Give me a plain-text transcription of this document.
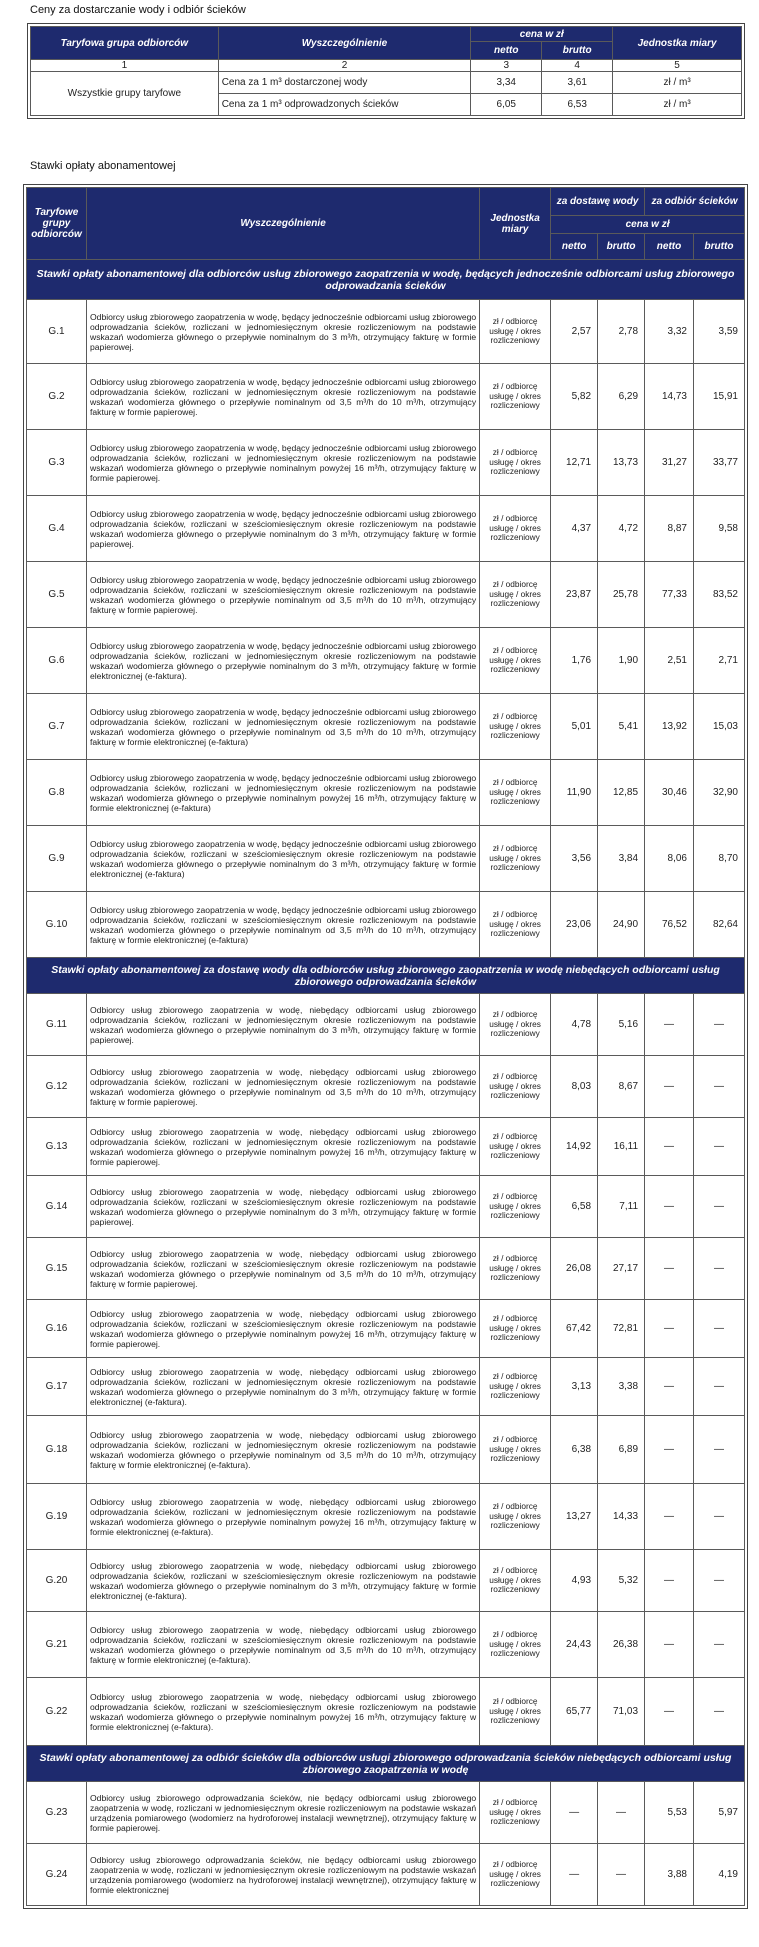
Ceny za dostarczanie wody i odbiór ścieków
Taryfowa grupa odbiorców	Wyszczególnienie	cena w zł		Jednostka miary
		netto	brutto	
1	2	3	4	5
Wszystkie grupy taryfowe	Cena za 1 m³ dostarczonej wody	3,34	3,61	zł / m³
	Cena za 1 m³ odprowadzonych ścieków	6,05	6,53	zł / m³
Stawki opłaty abonamentowej
Taryfowe grupy odbiorców	Wyszczególnienie	Jednostka miary	za dostawę wody		za odbiór ścieków	
			cena w zł			
			netto	brutto	netto	brutto
Stawki opłaty abonamentowej dla odbiorców usług zbiorowego zaopatrzenia w wodę, będących jednocześnie odbiorcami usług zbiorowego odprowadzania ścieków						
G.1	Odbiorcy usług zbiorowego zaopatrzenia w wodę, będący jednocześnie odbiorcami usług zbiorowego odprowadzania ścieków, rozliczani w jednomiesięcznym okresie rozliczeniowym na podstawie wskazań wodomierza głównego o przepływie nominalnym do 3 m³/h, otrzymujący fakturę w formie papierowej.	zł / odbiorcę usługę / okres rozliczeniowy	2,57	2,78	3,32	3,59
G.2	Odbiorcy usług zbiorowego zaopatrzenia w wodę, będący jednocześnie odbiorcami usług zbiorowego odprowadzania ścieków, rozliczani w jednomiesięcznym okresie rozliczeniowym na podstawie wskazań wodomierza głównego o przepływie nominalnym od 3,5 m³/h do 10 m³/h, otrzymujący fakturę w formie papierowej.	zł / odbiorcę usługę / okres rozliczeniowy	5,82	6,29	14,73	15,91
G.3	Odbiorcy usług zbiorowego zaopatrzenia w wodę, będący jednocześnie odbiorcami usług zbiorowego odprowadzania ścieków, rozliczani w jednomiesięcznym okresie rozliczeniowym na podstawie wskazań wodomierza głównego o przepływie nominalnym powyżej 16 m³/h, otrzymujący fakturę w formie papierowej.	zł / odbiorcę usługę / okres rozliczeniowy	12,71	13,73	31,27	33,77
G.4	Odbiorcy usług zbiorowego zaopatrzenia w wodę, będący jednocześnie odbiorcami usług zbiorowego odprowadzania ścieków, rozliczani w sześciomiesięcznym okresie rozliczeniowym na podstawie wskazań wodomierza głównego o przepływie nominalnym do 3 m³/h, otrzymujący fakturę w formie papierowej.	zł / odbiorcę usługę / okres rozliczeniowy	4,37	4,72	8,87	9,58
G.5	Odbiorcy usług zbiorowego zaopatrzenia w wodę, będący jednocześnie odbiorcami usług zbiorowego odprowadzania ścieków, rozliczani w sześciomiesięcznym okresie rozliczeniowym na podstawie wskazań wodomierza głównego o przepływie nominalnym od 3,5 m³/h do 10 m³/h, otrzymujący fakturę w formie papierowej.	zł / odbiorcę usługę / okres rozliczeniowy	23,87	25,78	77,33	83,52
G.6	Odbiorcy usług zbiorowego zaopatrzenia w wodę, będący jednocześnie odbiorcami usług zbiorowego odprowadzania ścieków, rozliczani w jednomiesięcznym okresie rozliczeniowym na podstawie wskazań wodomierza głównego o przepływie nominalnym do 3 m³/h, otrzymujący fakturę w formie elektronicznej (e-faktura).	zł / odbiorcę usługę / okres rozliczeniowy	1,76	1,90	2,51	2,71
G.7	Odbiorcy usług zbiorowego zaopatrzenia w wodę, będący jednocześnie odbiorcami usług zbiorowego odprowadzania ścieków, rozliczani w jednomiesięcznym okresie rozliczeniowym na podstawie wskazań wodomierza głównego o przepływie nominalnym od 3,5 m³/h do 10 m³/h, otrzymujący fakturę w formie elektronicznej (e-faktura)	zł / odbiorcę usługę / okres rozliczeniowy	5,01	5,41	13,92	15,03
G.8	Odbiorcy usług zbiorowego zaopatrzenia w wodę, będący jednocześnie odbiorcami usług zbiorowego odprowadzania ścieków, rozliczani w jednomiesięcznym okresie rozliczeniowym na podstawie wskazań wodomierza głównego o przepływie nominalnym powyżej 16 m³/h, otrzymujący fakturę w formie elektronicznej (e-faktura)	zł / odbiorcę usługę / okres rozliczeniowy	11,90	12,85	30,46	32,90
G.9	Odbiorcy usług zbiorowego zaopatrzenia w wodę, będący jednocześnie odbiorcami usług zbiorowego odprowadzania ścieków, rozliczani w sześciomiesięcznym okresie rozliczeniowym na podstawie wskazań wodomierza głównego o przepływie nominalnym do 3 m³/h, otrzymujący fakturę w formie elektronicznej (e-faktura)	zł / odbiorcę usługę / okres rozliczeniowy	3,56	3,84	8,06	8,70
G.10	Odbiorcy usług zbiorowego zaopatrzenia w wodę, będący jednocześnie odbiorcami usług zbiorowego odprowadzania ścieków, rozliczani w sześciomiesięcznym okresie rozliczeniowym na podstawie wskazań wodomierza głównego o przepływie nominalnym od 3,5 m³/h do 10 m³/h, otrzymujący fakturę w formie elektronicznej (e-faktura)	zł / odbiorcę usługę / okres rozliczeniowy	23,06	24,90	76,52	82,64
Stawki opłaty abonamentowej za dostawę wody dla odbiorców usług zbiorowego zaopatrzenia w wodę niebędących odbiorcami usług zbiorowego odprowadzania ścieków						
G.11	Odbiorcy usług zbiorowego zaopatrzenia w wodę, niebędący odbiorcami usług zbiorowego odprowadzania ścieków, rozliczani w jednomiesięcznym okresie rozliczeniowym na podstawie wskazań wodomierza głównego o przepływie nominalnym do 3 m³/h, otrzymujący fakturę w formie papierowej.	zł / odbiorcę usługę / okres rozliczeniowy	4,78	5,16	—	—
G.12	Odbiorcy usług zbiorowego zaopatrzenia w wodę, niebędący odbiorcami usług zbiorowego odprowadzania ścieków, rozliczani w jednomiesięcznym okresie rozliczeniowym na podstawie wskazań wodomierza głównego o przepływie nominalnym od 3,5 m³/h do 10 m³/h, otrzymujący fakturę w formie papierowej.	zł / odbiorcę usługę / okres rozliczeniowy	8,03	8,67	—	—
G.13	Odbiorcy usług zbiorowego zaopatrzenia w wodę, niebędący odbiorcami usług zbiorowego odprowadzania ścieków, rozliczani w jednomiesięcznym okresie rozliczeniowym na podstawie wskazań wodomierza głównego o przepływie nominalnym powyżej 16 m³/h, otrzymujący fakturę w formie papierowej.	zł / odbiorcę usługę / okres rozliczeniowy	14,92	16,11	—	—
G.14	Odbiorcy usług zbiorowego zaopatrzenia w wodę, niebędący odbiorcami usług zbiorowego odprowadzania ścieków, rozliczani w sześciomiesięcznym okresie rozliczeniowym na podstawie wskazań wodomierza głównego o przepływie nominalnym do 3 m³/h, otrzymujący fakturę w formie papierowej.	zł / odbiorcę usługę / okres rozliczeniowy	6,58	7,11	—	—
G.15	Odbiorcy usług zbiorowego zaopatrzenia w wodę, niebędący odbiorcami usług zbiorowego odprowadzania ścieków, rozliczani w sześciomiesięcznym okresie rozliczeniowym na podstawie wskazań wodomierza głównego o przepływie nominalnym od 3,5 m³/h do 10 m³/h, otrzymujący fakturę w formie papierowej.	zł / odbiorcę usługę / okres rozliczeniowy	26,08	27,17	—	—
G.16	Odbiorcy usług zbiorowego zaopatrzenia w wodę, niebędący odbiorcami usług zbiorowego odprowadzania ścieków, rozliczani w sześciomiesięcznym okresie rozliczeniowym na podstawie wskazań wodomierza głównego o przepływie nominalnym powyżej 16 m³/h, otrzymujący fakturę w formie papierowej.	zł / odbiorcę usługę / okres rozliczeniowy	67,42	72,81	—	—
G.17	Odbiorcy usług zbiorowego zaopatrzenia w wodę, niebędący odbiorcami usług zbiorowego odprowadzania ścieków, rozliczani w jednomiesięcznym okresie rozliczeniowym na podstawie wskazań wodomierza głównego o przepływie nominalnym do 3 m³/h, otrzymujący fakturę w formie elektronicznej (e-faktura).	zł / odbiorcę usługę / okres rozliczeniowy	3,13	3,38	—	—
G.18	Odbiorcy usług zbiorowego zaopatrzenia w wodę, niebędący odbiorcami usług zbiorowego odprowadzania ścieków, rozliczani w jednomiesięcznym okresie rozliczeniowym na podstawie wskazań wodomierza głównego o przepływie nominalnym od 3,5 m³/h do 10 m³/h, otrzymujący fakturę w formie elektronicznej (e-faktura).	zł / odbiorcę usługę / okres rozliczeniowy	6,38	6,89	—	—
G.19	Odbiorcy usług zbiorowego zaopatrzenia w wodę, niebędący odbiorcami usług zbiorowego odprowadzania ścieków, rozliczani w jednomiesięcznym okresie rozliczeniowym na podstawie wskazań wodomierza głównego o przepływie nominalnym powyżej 16 m³/h, otrzymujący fakturę w formie elektronicznej (e-faktura).	zł / odbiorcę usługę / okres rozliczeniowy	13,27	14,33	—	—
G.20	Odbiorcy usług zbiorowego zaopatrzenia w wodę, niebędący odbiorcami usług zbiorowego odprowadzania ścieków, rozliczani w sześciomiesięcznym okresie rozliczeniowym na podstawie wskazań wodomierza głównego o przepływie nominalnym do 3 m³/h, otrzymujący fakturę w formie elektronicznej (e-faktura).	zł / odbiorcę usługę / okres rozliczeniowy	4,93	5,32	—	—
G.21	Odbiorcy usług zbiorowego zaopatrzenia w wodę, niebędący odbiorcami usług zbiorowego odprowadzania ścieków, rozliczani w sześciomiesięcznym okresie rozliczeniowym na podstawie wskazań wodomierza głównego o przepływie nominalnym od 3,5 m³/h do 10 m³/h, otrzymujący fakturę w formie elektronicznej (e-faktura).	zł / odbiorcę usługę / okres rozliczeniowy	24,43	26,38	—	—
G.22	Odbiorcy usług zbiorowego zaopatrzenia w wodę, niebędący odbiorcami usług zbiorowego odprowadzania ścieków, rozliczani w sześciomiesięcznym okresie rozliczeniowym na podstawie wskazań wodomierza głównego o przepływie nominalnym powyżej 16 m³/h, otrzymujący fakturę w formie elektronicznej (e-faktura).	zł / odbiorcę usługę / okres rozliczeniowy	65,77	71,03	—	—
Stawki opłaty abonamentowej za odbiór ścieków dla odbiorców usługi zbiorowego odprowadzania ścieków niebędących odbiorcami usług zbiorowego zaopatrzenia w wodę						
G.23	Odbiorcy usług zbiorowego odprowadzania ścieków, nie będący odbiorcami usług zbiorowego zaopatrzenia w wodę, rozliczani w jednomiesięcznym okresie rozliczeniowym na podstawie wskazań urządzenia pomiarowego (wodomierz na hydroforowej instalacji wewnętrznej), otrzymujący fakturę w formie papierowej.	zł / odbiorcę usługę / okres rozliczeniowy	—	—	5,53	5,97
G.24	Odbiorcy usług zbiorowego odprowadzania ścieków, nie będący odbiorcami usług zbiorowego zaopatrzenia w wodę, rozliczani w jednomiesięcznym okresie rozliczeniowym na podstawie wskazań urządzenia pomiarowego (wodomierz na hydroforowej instalacji wewnętrznej), otrzymujący fakturę w formie elektronicznej	zł / odbiorcę usługę / okres rozliczeniowy	—	—	3,88	4,19
